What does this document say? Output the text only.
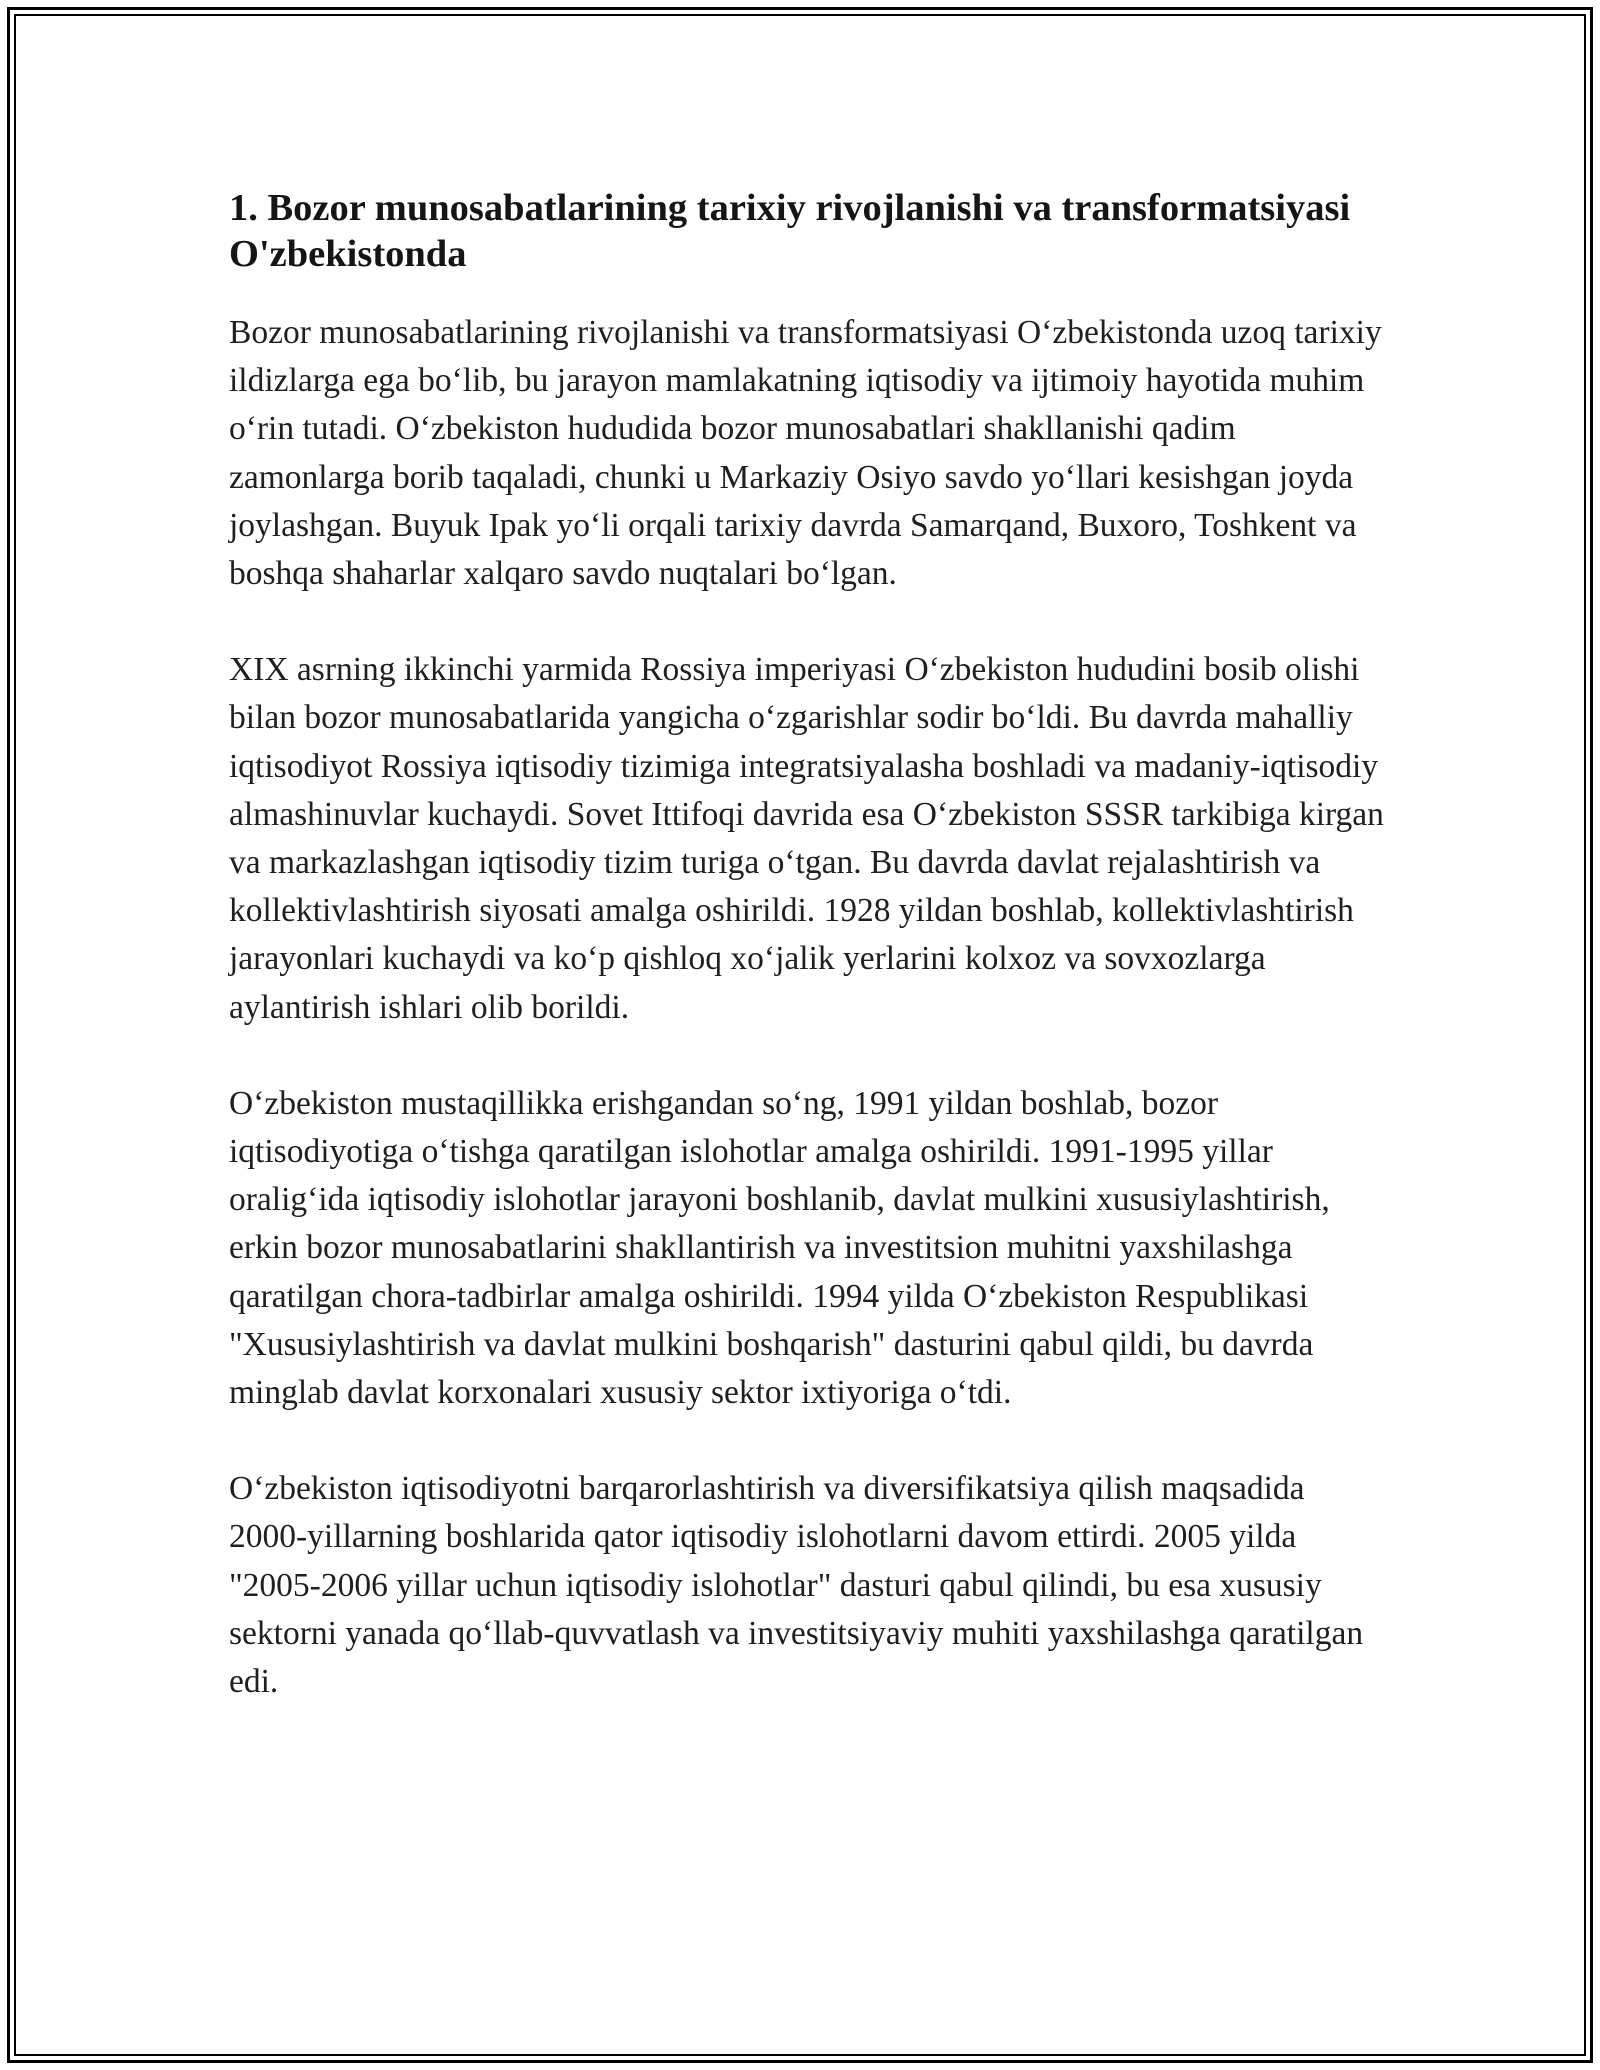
1. Bozor munosabatlarining tarixiy rivojlanishi va transformatsiyasi O'zbekistonda

Bozor munosabatlarining rivojlanishi va transformatsiyasi O‘zbekistonda uzoq tarixiy ildizlarga ega bo‘lib, bu jarayon mamlakatning iqtisodiy va ijtimoiy hayotida muhim o‘rin tutadi. O‘zbekiston hududida bozor munosabatlari shakllanishi qadim zamonlarga borib taqaladi, chunki u Markaziy Osiyo savdo yo‘llari kesishgan joyda joylashgan. Buyuk Ipak yo‘li orqali tarixiy davrda Samarqand, Buxoro, Toshkent va boshqa shaharlar xalqaro savdo nuqtalari bo‘lgan.

XIX asrning ikkinchi yarmida Rossiya imperiyasi O‘zbekiston hududini bosib olishi bilan bozor munosabatlarida yangicha o‘zgarishlar sodir bo‘ldi. Bu davrda mahalliy iqtisodiyot Rossiya iqtisodiy tizimiga integratsiyalasha boshladi va madaniy-iqtisodiy almashinuvlar kuchaydi. Sovet Ittifoqi davrida esa O‘zbekiston SSSR tarkibiga kirgan va markazlashgan iqtisodiy tizim turiga o‘tgan. Bu davrda davlat rejalashtirish va kollektivlashtirish siyosati amalga oshirildi. 1928 yildan boshlab, kollektivlashtirish jarayonlari kuchaydi va ko‘p qishloq xo‘jalik yerlarini kolxoz va sovxozlarga aylantirish ishlari olib borildi.

O‘zbekiston mustaqillikka erishgandan so‘ng, 1991 yildan boshlab, bozor iqtisodiyotiga o‘tishga qaratilgan islohotlar amalga oshirildi. 1991-1995 yillar oralig‘ida iqtisodiy islohotlar jarayoni boshlanib, davlat mulkini xususiylashtirish, erkin bozor munosabatlarini shakllantirish va investitsion muhitni yaxshilashga qaratilgan chora-tadbirlar amalga oshirildi. 1994 yilda O‘zbekiston Respublikasi "Xususiylashtirish va davlat mulkini boshqarish" dasturini qabul qildi, bu davrda minglab davlat korxonalari xususiy sektor ixtiyoriga o‘tdi.

O‘zbekiston iqtisodiyotni barqarorlashtirish va diversifikatsiya qilish maqsadida 2000-yillarning boshlarida qator iqtisodiy islohotlarni davom ettirdi. 2005 yilda "2005-2006 yillar uchun iqtisodiy islohotlar" dasturi qabul qilindi, bu esa xususiy sektorni yanada qo‘llab-quvvatlash va investitsiyaviy muhiti yaxshilashga qaratilgan edi.
